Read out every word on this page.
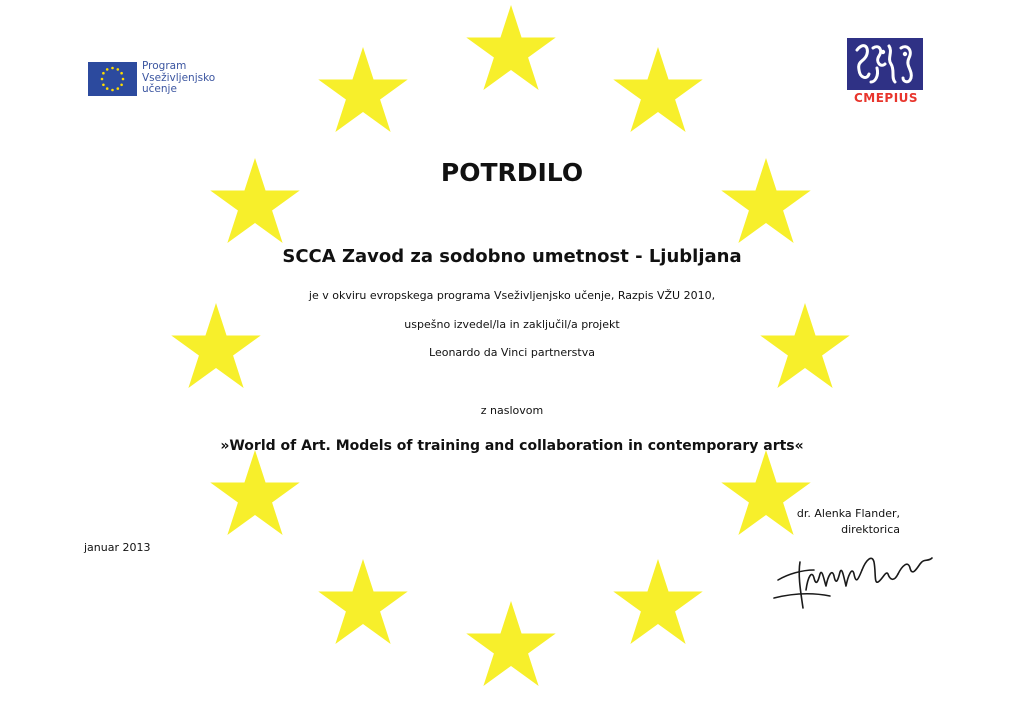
Program
Vseživljenjsko
učenje
CMEPIUS
POTRDILO
SCCA Zavod za sodobno umetnost - Ljubljana
je v okviru evropskega programa Vseživljenjsko učenje, Razpis VŽU 2010,
uspešno izvedel/la in zaključil/a projekt
Leonardo da Vinci partnerstva
z naslovom
»World of Art. Models of training and collaboration in contemporary arts«
januar 2013
dr. Alenka Flander,
direktorica
